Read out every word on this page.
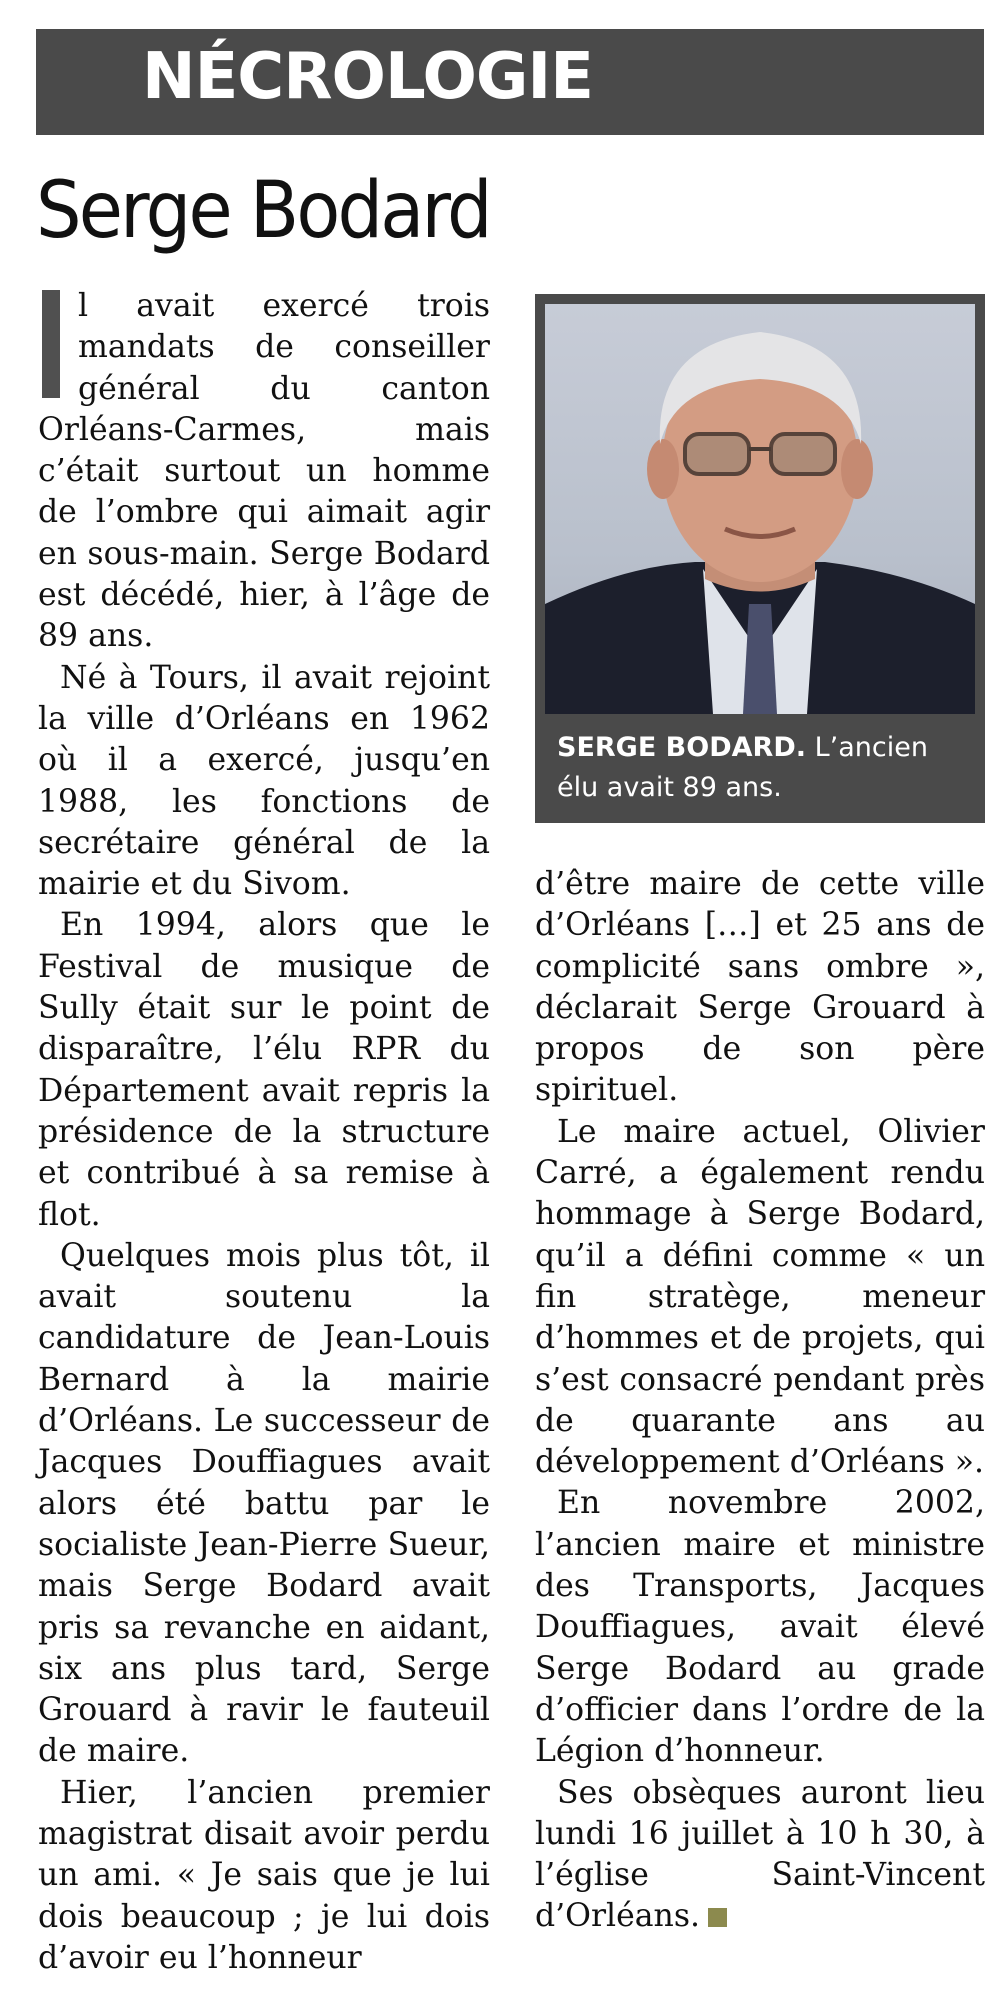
NÉCROLOGIE
Serge Bodard

l avait exercé trois mandats de conseiller général du canton Orléans-Carmes, mais c’était surtout un homme de l’ombre qui aimait agir en sous-main. Serge Bodard est décédé, hier, à l’âge de 89 ans.

Né à Tours, il avait rejoint la ville d’Orléans en 1962 où il a exercé, jusqu’en 1988, les fonctions de secrétaire général de la mairie et du Sivom.

En 1994, alors que le Festival de musique de Sully était sur le point de disparaître, l’élu RPR du Département avait repris la présidence de la structure et contribué à sa remise à flot.

Quelques mois plus tôt, il avait soutenu la candidature de Jean-Louis Bernard à la mairie d’Orléans. Le successeur de Jacques Douffiagues avait alors été battu par le socialiste Jean-Pierre Sueur, mais Serge Bodard avait pris sa revanche en aidant, six ans plus tard, Serge Grouard à ravir le fauteuil de maire.

Hier, l’ancien premier magistrat disait avoir perdu un ami. « Je sais que je lui dois beaucoup ; je lui dois d’avoir eu l’honneur

SERGE BODARD. L’ancien élu avait 89 ans.

d’être maire de cette ville d’Orléans […] et 25 ans de complicité sans ombre », déclarait Serge Grouard à propos de son père spirituel.

Le maire actuel, Olivier Carré, a également rendu hommage à Serge Bodard, qu’il a défini comme « un fin stratège, meneur d’hommes et de projets, qui s’est consacré pendant près de quarante ans au développement d’Orléans ».

En novembre 2002, l’ancien maire et ministre des Transports, Jacques Douffiagues, avait élevé Serge Bodard au grade d’officier dans l’ordre de la Légion d’honneur.

Ses obsèques auront lieu lundi 16 juillet à 10 h 30, à l’église Saint-Vincent d’Orléans.
